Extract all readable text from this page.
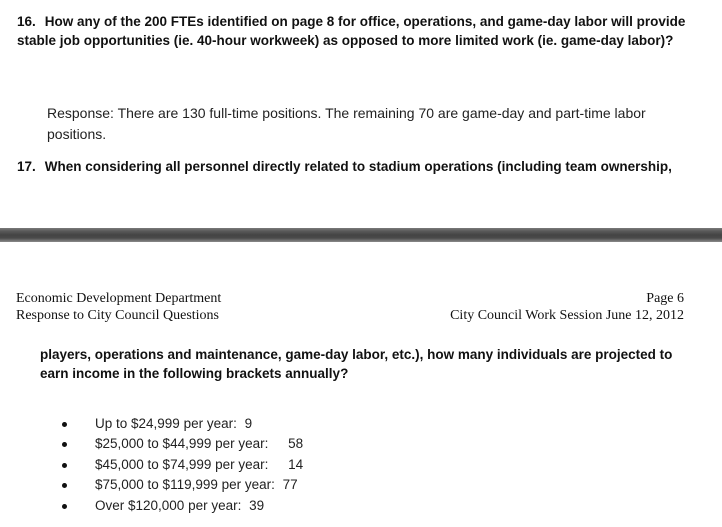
16. How any of the 200 FTEs identified on page 8 for office, operations, and game-day labor will provide stable job opportunities (ie. 40-hour workweek) as opposed to more limited work (ie. game-day labor)?
Response: There are 130 full-time positions. The remaining 70 are game-day and part-time labor positions.
17. When considering all personnel directly related to stadium operations (including team ownership,
Economic Development Department
Response to City Council Questions
Page 6
City Council Work Session June 12, 2012
players, operations and maintenance, game-day labor, etc.), how many individuals are projected to earn income in the following brackets annually?
Up to $24,999 per year: 9
$25,000 to $44,999 per year: 58
$45,000 to $74,999 per year: 14
$75,000 to $119,999 per year: 77
Over $120,000 per year: 39
